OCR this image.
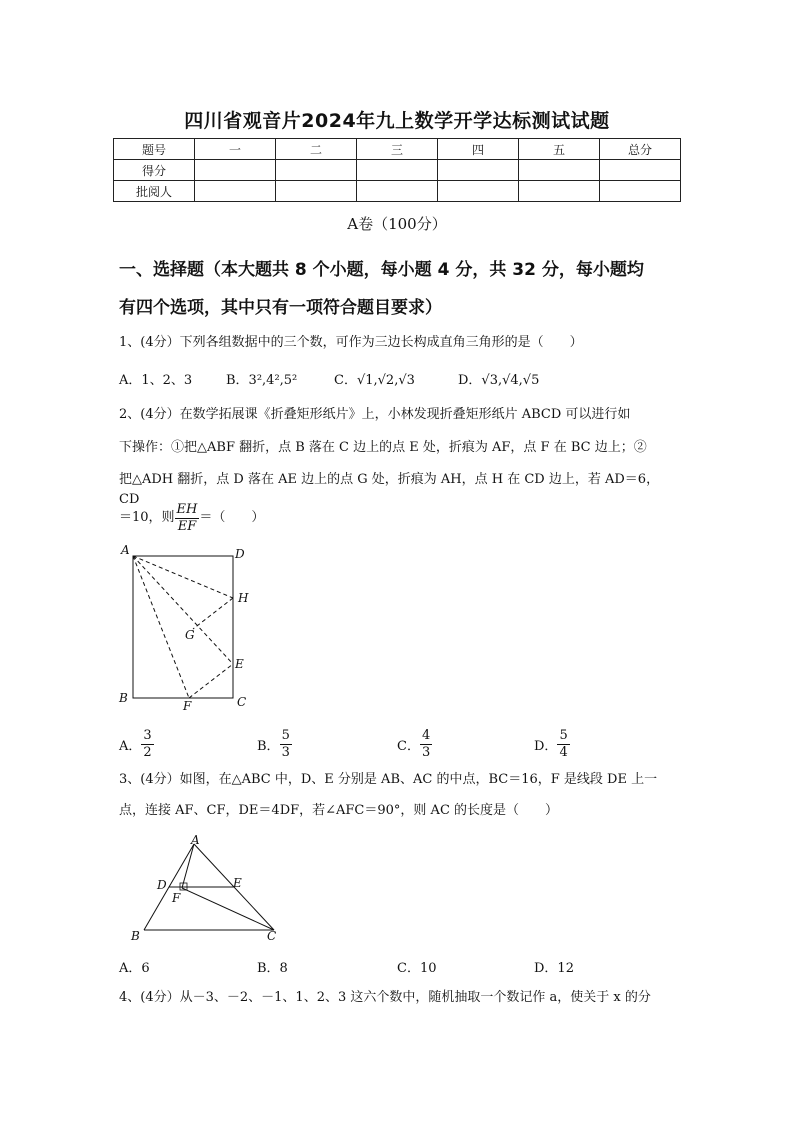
四川省观音片2024年九上数学开学达标测试试题
题号	一	二	三	四	五	总分
得分						
批阅人						
A卷（100分）
一、选择题（本大题共 8 个小题，每小题 4 分，共 32 分，每小题均
有四个选项，其中只有一项符合题目要求）
1、(4分）下列各组数据中的三个数，可作为三边长构成直角三角形的是（　　）
A．1、2、3	B．3²,4²,5²	C．√1,√2,√3	D．√3,√4,√5
2、(4分）在数学拓展课《折叠矩形纸片》上，小林发现折叠矩形纸片 ABCD 可以进行如
下操作：①把△ABF 翻折，点 B 落在 C 边上的点 E 处，折痕为 AF，点 F 在 BC 边上；②
把△ADH 翻折，点 D 落在 AE 边上的点 G 处，折痕为 AH，点 H 在 CD 边上，若 AD＝6，CD
＝10，则 $\frac{EH}{EF}$ ＝（　　）
A	D
H
G
E
B
F	C
A． $\frac{3}{2}$	B． $\frac{5}{3}$	C． $\frac{4}{3}$	D． $\frac{5}{4}$
3、(4分）如图，在△ABC 中，D、E 分别是 AB、AC 的中点，BC＝16，F 是线段 DE 上一
点，连接 AF、CF，DE＝4DF，若∠AFC＝90°，则 AC 的长度是（　　）
A
D	E
F
B	C
A．6	B．8	C．10	D．12
4、(4分）从－3、－2、－1、1、2、3 这六个数中，随机抽取一个数记作 a，使关于 x 的分
